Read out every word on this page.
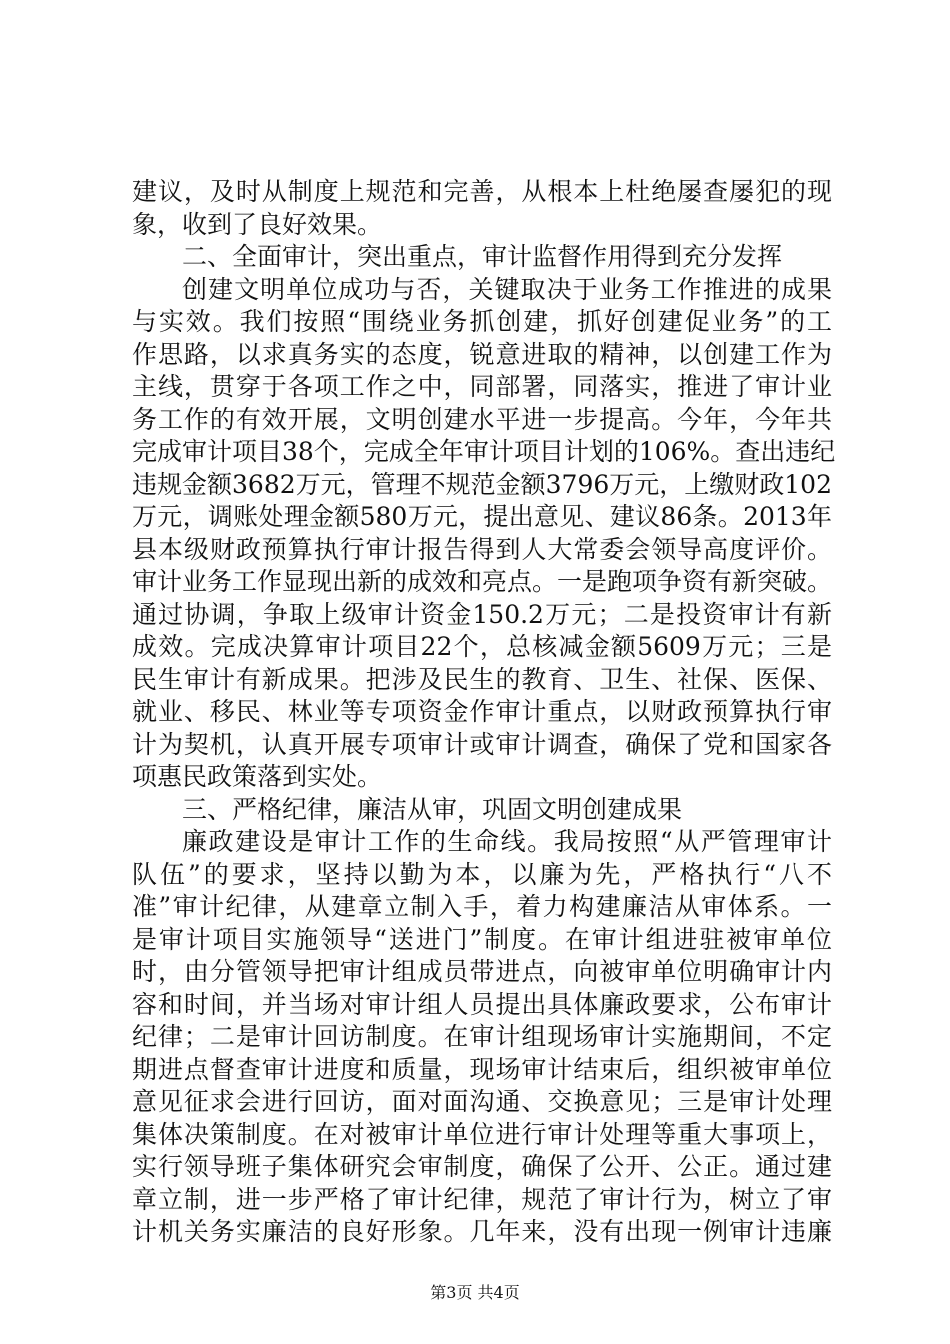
建议，及时从制度上规范和完善，从根本上杜绝屡查屡犯的现
象，收到了良好效果。
二、全面审计，突出重点，审计监督作用得到充分发挥
创建文明单位成功与否，关键取决于业务工作推进的成果
与实效。我们按照“围绕业务抓创建，抓好创建促业务”的工
作思路，以求真务实的态度，锐意进取的精神，以创建工作为
主线，贯穿于各项工作之中，同部署，同落实，推进了审计业
务工作的有效开展，文明创建水平进一步提高。今年，今年共
完成审计项目38个，完成全年审计项目计划的106%。查出违纪
违规金额3682万元，管理不规范金额3796万元，上缴财政102
万元，调账处理金额580万元，提出意见、建议86条。2013年
县本级财政预算执行审计报告得到人大常委会领导高度评价。
审计业务工作显现出新的成效和亮点。一是跑项争资有新突破。
通过协调，争取上级审计资金150.2万元；二是投资审计有新
成效。完成决算审计项目22个，总核减金额5609万元；三是
民生审计有新成果。把涉及民生的教育、卫生、社保、医保、
就业、移民、林业等专项资金作审计重点，以财政预算执行审
计为契机，认真开展专项审计或审计调查，确保了党和国家各
项惠民政策落到实处。
三、严格纪律，廉洁从审，巩固文明创建成果
廉政建设是审计工作的生命线。我局按照“从严管理审计
队伍”的要求，坚持以勤为本，以廉为先，严格执行“八不
准”审计纪律，从建章立制入手，着力构建廉洁从审体系。一
是审计项目实施领导“送进门”制度。在审计组进驻被审单位
时，由分管领导把审计组成员带进点，向被审单位明确审计内
容和时间，并当场对审计组人员提出具体廉政要求，公布审计
纪律；二是审计回访制度。在审计组现场审计实施期间，不定
期进点督查审计进度和质量，现场审计结束后，组织被审单位
意见征求会进行回访，面对面沟通、交换意见；三是审计处理
集体决策制度。在对被审计单位进行审计处理等重大事项上，
实行领导班子集体研究会审制度，确保了公开、公正。通过建
章立制，进一步严格了审计纪律，规范了审计行为，树立了审
计机关务实廉洁的良好形象。几年来，没有出现一例审计违廉
第3页 共4页
